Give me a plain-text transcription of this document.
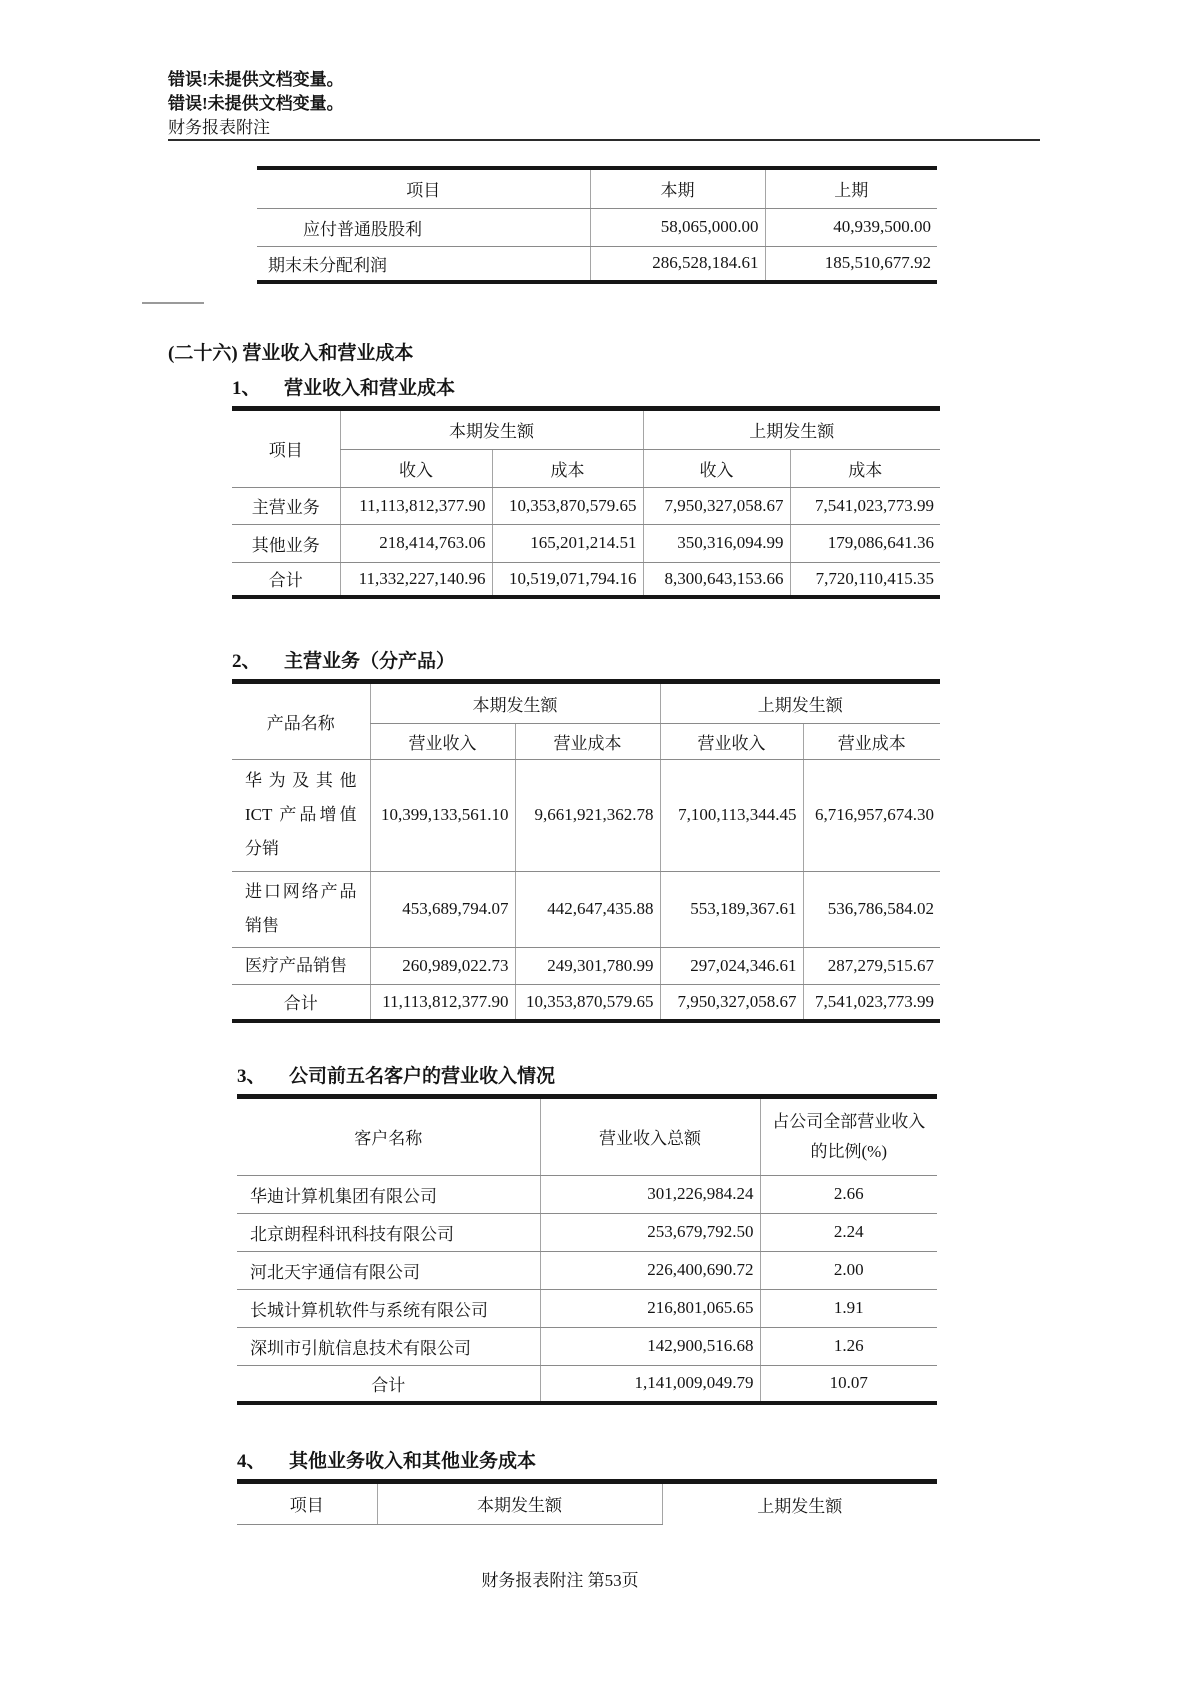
错误!未提供文档变量。
错误!未提供文档变量。
财务报表附注
项目	本期	上期
应付普通股股利	58,065,000.00	40,939,500.00
期末未分配利润	286,528,184.61	185,510,677.92
(二十六) 营业收入和营业成本
1、 营业收入和营业成本
项目	本期发生额		上期发生额	
	收入	成本	收入	成本
主营业务	11,113,812,377.90	10,353,870,579.65	7,950,327,058.67	7,541,023,773.99
其他业务	218,414,763.06	165,201,214.51	350,316,094.99	179,086,641.36
合计	11,332,227,140.96	10,519,071,794.16	8,300,643,153.66	7,720,110,415.35
2、 主营业务（分产品）
产品名称	本期发生额		上期发生额	
	营业收入	营业成本	营业收入	营业成本
华为及其他 ICT 产品增值分销	10,399,133,561.10	9,661,921,362.78	7,100,113,344.45	6,716,957,674.30
进口网络产品销售	453,689,794.07	442,647,435.88	553,189,367.61	536,786,584.02
医疗产品销售	260,989,022.73	249,301,780.99	297,024,346.61	287,279,515.67
合计	11,113,812,377.90	10,353,870,579.65	7,950,327,058.67	7,541,023,773.99
3、 公司前五名客户的营业收入情况
客户名称	营业收入总额	占公司全部营业收入
的比例(%)

华迪计算机集团有限公司	301,226,984.24	2.66
北京朗程科讯科技有限公司	253,679,792.50	2.24
河北天宇通信有限公司	226,400,690.72	2.00
长城计算机软件与系统有限公司	216,801,065.65	1.91
深圳市引航信息技术有限公司	142,900,516.68	1.26
合计	1,141,009,049.79	10.07
4、 其他业务收入和其他业务成本
项目	本期发生额	上期发生额
财务报表附注 第53页
